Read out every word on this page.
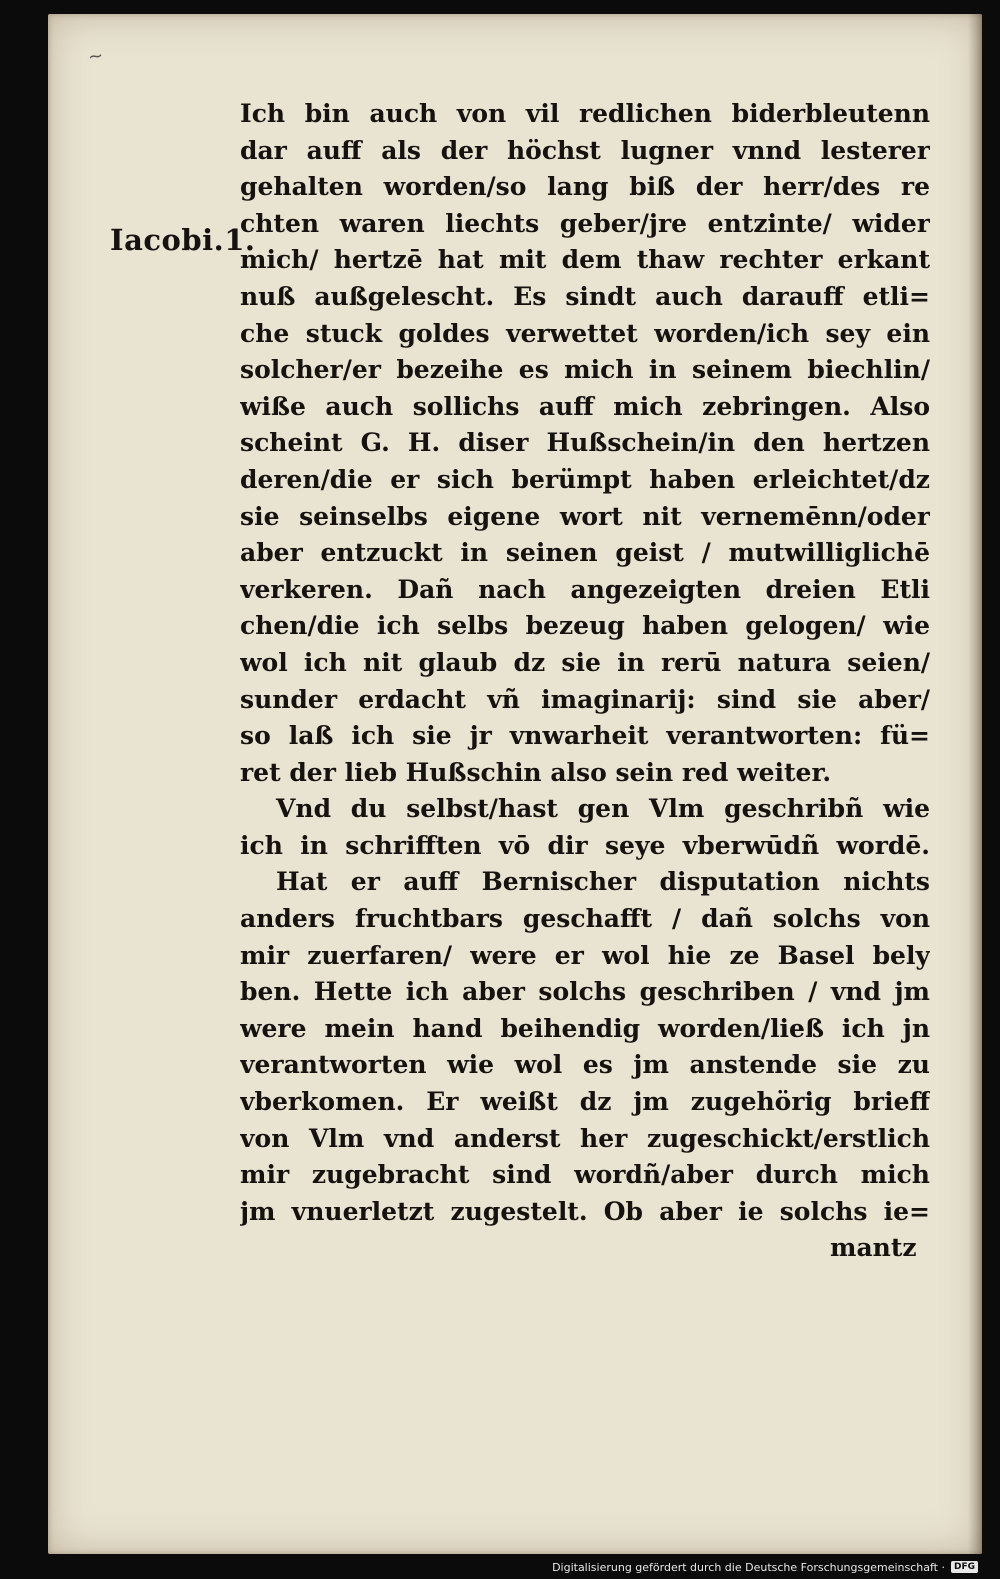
~
Iacobi.1.
Ich bin auch von vil redlichen biderbleutenn
dar auff als der höchst lugner vnnd lesterer
gehalten worden/so lang biß der herr/des re
chten waren liechts geber/jre entzinte/ wider
mich/ hertzē hat mit dem thaw rechter erkant
nuß außgelescht. Es sindt auch darauff etli=
che stuck goldes verwettet worden/ich sey ein
solcher/er bezeihe es mich in seinem biechlin/
wiße auch sollichs auff mich zebringen. Also
scheint G. H. diser Hußschein/in den hertzen
deren/die er sich berümpt haben erleichtet/dz
sie seinselbs eigene wort nit vernemēnn/oder
aber entzuckt in seinen geist / mutwilliglichē
verkeren. Dañ nach angezeigten dreien Etli
chen/die ich selbs bezeug haben gelogen/ wie
wol ich nit glaub dz sie in rerū natura seien/
sunder erdacht vñ imaginarij: sind sie aber/
so laß ich sie jr vnwarheit verantworten: fü=
ret der lieb Hußschin also sein red weiter.
Vnd du selbst/hast gen Vlm geschribñ wie
ich in schrifften vō dir seye vberwūdñ wordē.
Hat er auff Bernischer disputation nichts
anders fruchtbars geschafft / dañ solchs von
mir zuerfaren/ were er wol hie ze Basel bely
ben. Hette ich aber solchs geschriben / vnd jm
were mein hand beihendig worden/ließ ich jn
verantworten wie wol es jm anstende sie zu
vberkomen. Er weißt dz jm zugehörig brieff
von Vlm vnd anderst her zugeschickt/erstlich
mir zugebracht sind wordñ/aber durch mich
jm vnuerletzt zugestelt. Ob aber ie solchs ie=
mantz
Digitalisierung gefördert durch die Deutsche Forschungsgemeinschaft ·	DFG
